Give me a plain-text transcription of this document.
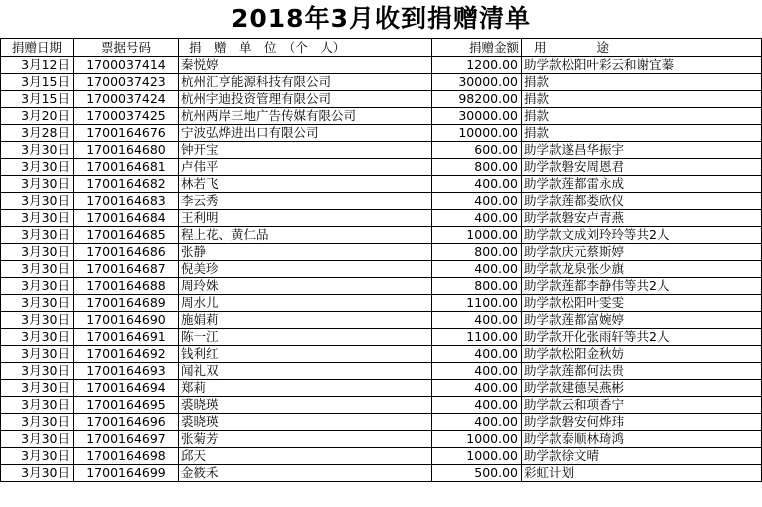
2018年3月收到捐赠清单
捐赠日期	票据号码	捐　赠　单　位　（个　人）	捐赠金额	用　　　　途
3月12日	1700037414	秦悦婷	1200.00	助学款松阳叶彩云和谢宜蓁
3月15日	1700037423	杭州汇亨能源科技有限公司	30000.00	捐款
3月15日	1700037424	杭州宇迪投资管理有限公司	98200.00	捐款
3月20日	1700037425	杭州两岸三地广告传媒有限公司	30000.00	捐款
3月28日	1700164676	宁波弘烨进出口有限公司	10000.00	捐款
3月30日	1700164680	钟开宝	600.00	助学款遂昌华振宇
3月30日	1700164681	卢伟平	800.00	助学款磐安周恩君
3月30日	1700164682	林若飞	400.00	助学款莲都雷永成
3月30日	1700164683	李云秀	400.00	助学款莲都娄欣仪
3月30日	1700164684	王利明	400.00	助学款磐安卢青燕
3月30日	1700164685	程上花、黄仁品	1000.00	助学款文成刘玲玲等共2人
3月30日	1700164686	张静	800.00	助学款庆元蔡斯婷
3月30日	1700164687	倪美珍	400.00	助学款龙泉张少旗
3月30日	1700164688	周玲姝	800.00	助学款莲都李静伟等共2人
3月30日	1700164689	周水儿	1100.00	助学款松阳叶雯雯
3月30日	1700164690	施娟莉	400.00	助学款莲都富婉婷
3月30日	1700164691	陈一江	1100.00	助学款开化张雨轩等共2人
3月30日	1700164692	钱利红	400.00	助学款松阳金秋妨
3月30日	1700164693	闻礼双	400.00	助学款莲都何法贵
3月30日	1700164694	郑莉	400.00	助学款建德吴燕彬
3月30日	1700164695	裘晓瑛	400.00	助学款云和项香宁
3月30日	1700164696	裘晓瑛	400.00	助学款磐安何烨玮
3月30日	1700164697	张菊芳	1000.00	助学款泰顺林琦鸿
3月30日	1700164698	邱天	1000.00	助学款徐文晴
3月30日	1700164699	金筱禾	500.00	彩虹计划
